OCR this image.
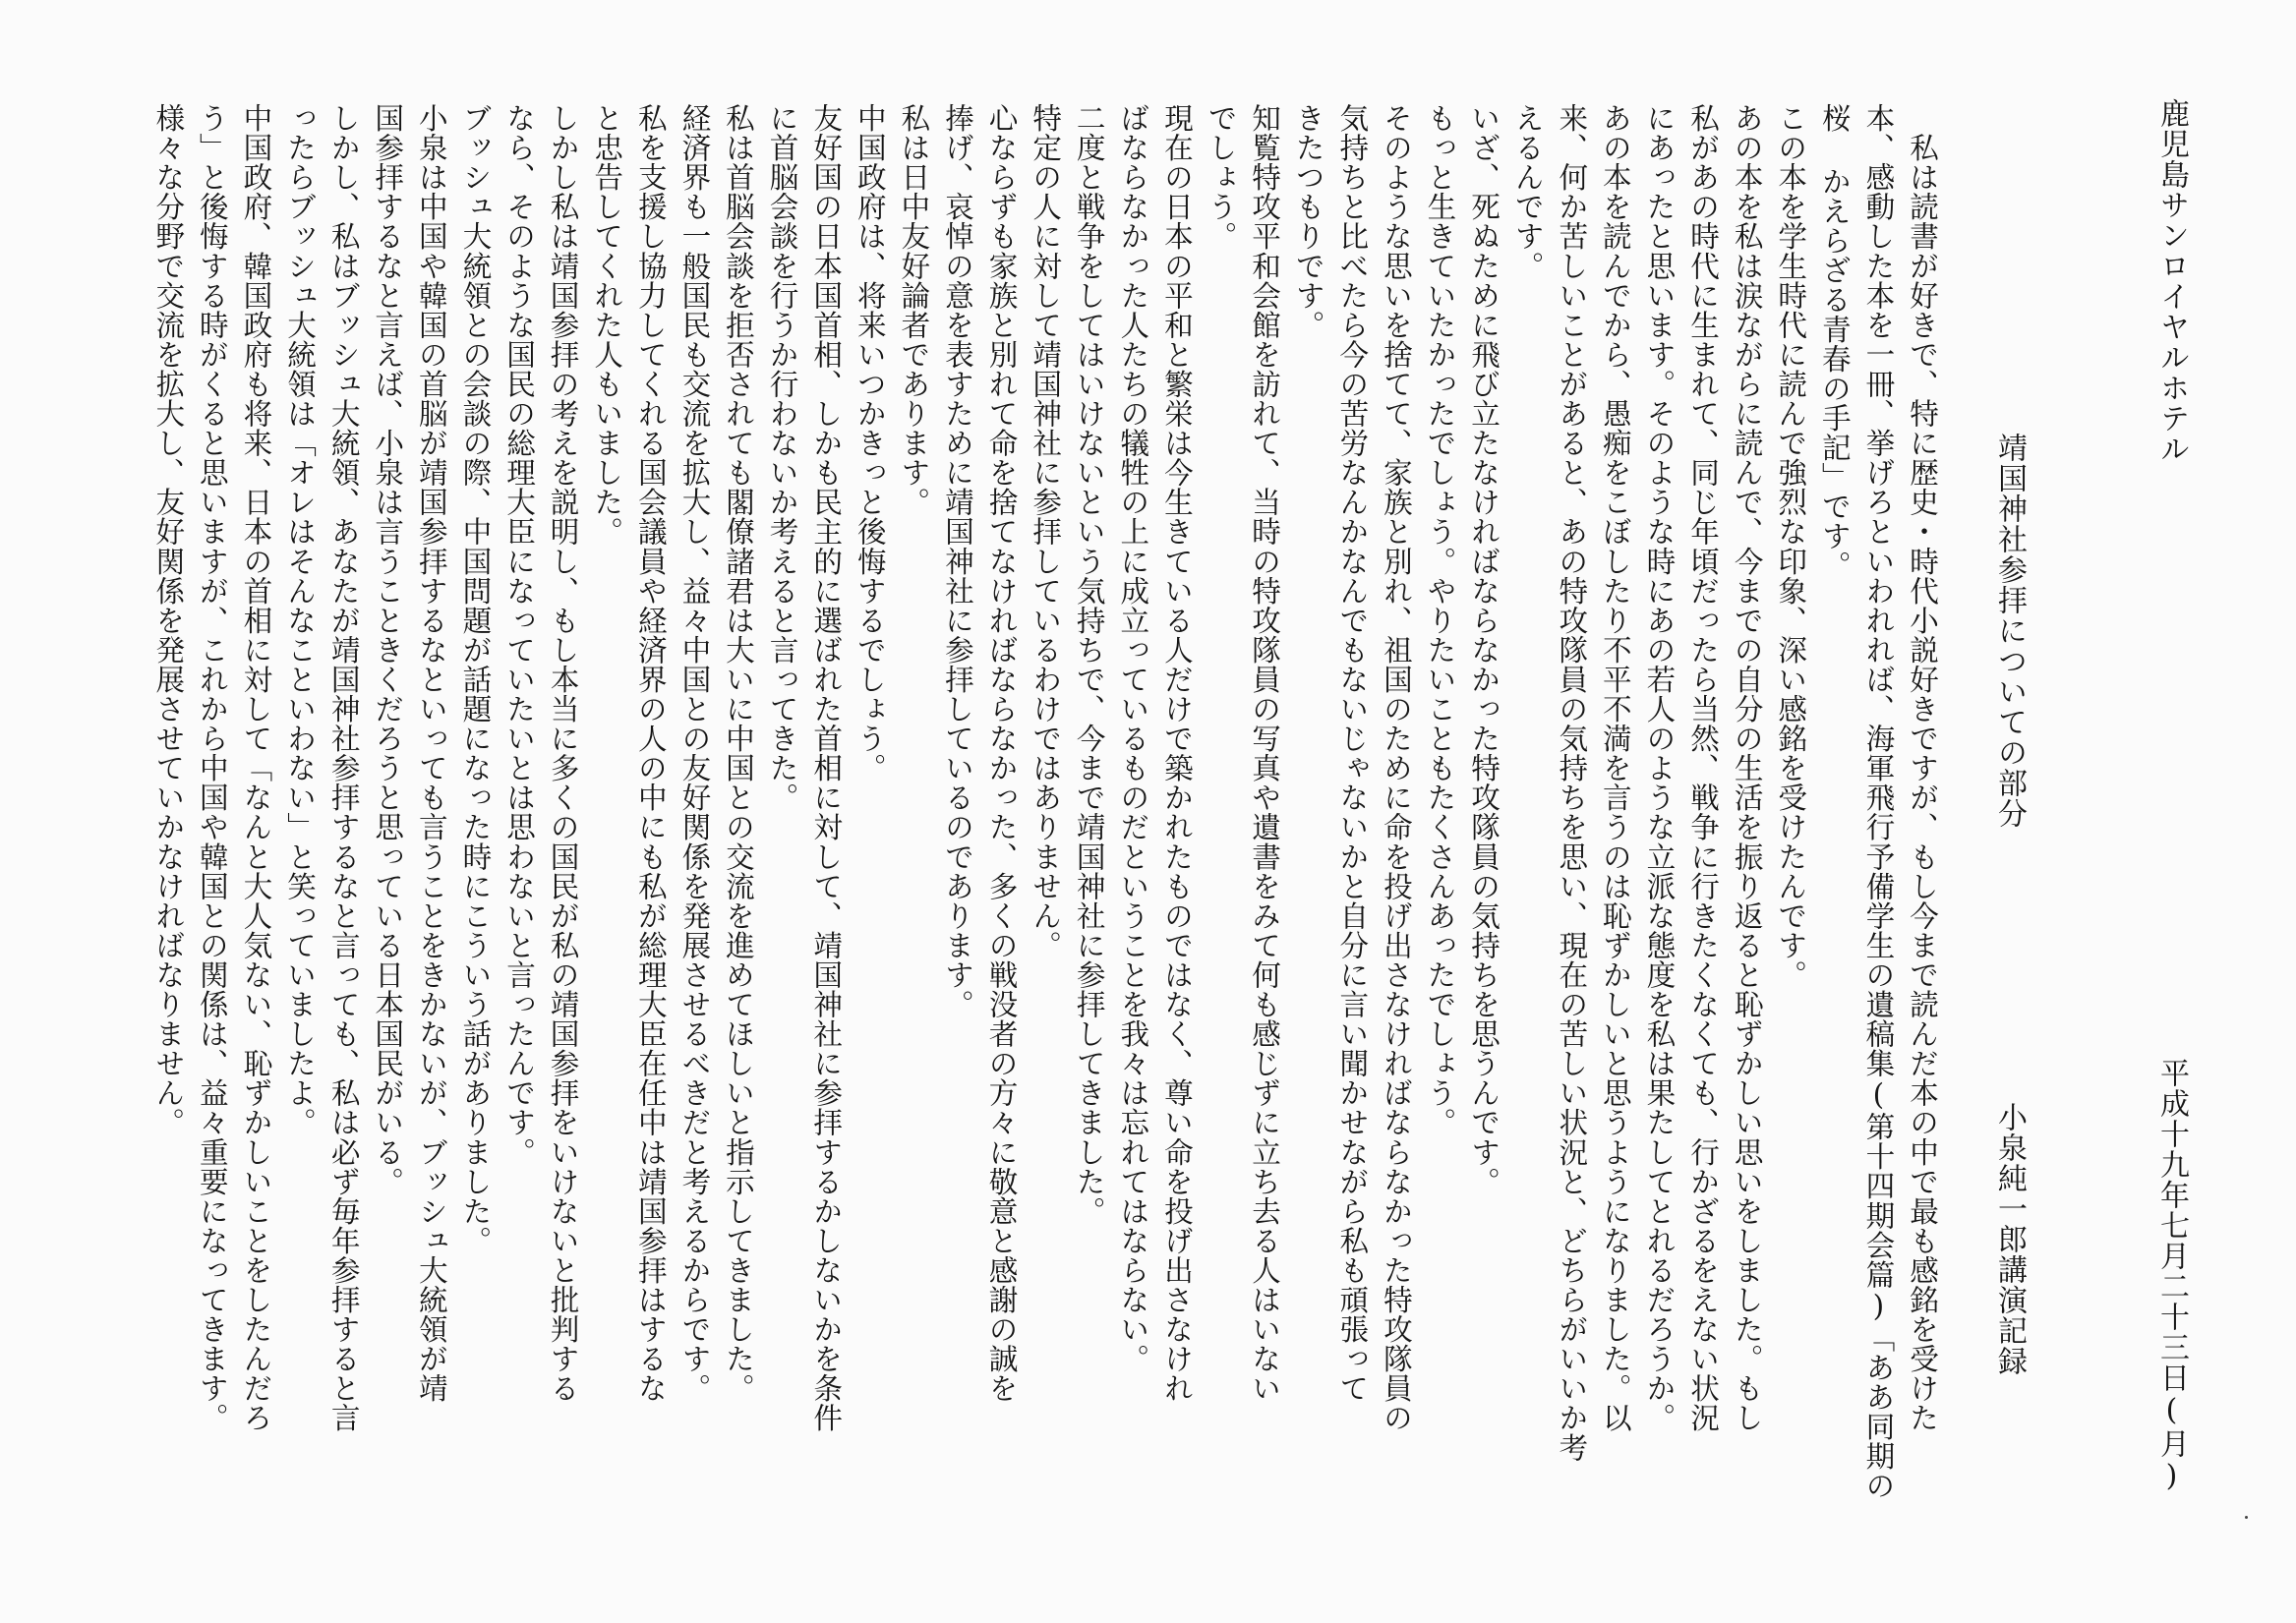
鹿児島サンロイヤルホテル
平成十九年七月二十三日(月)
靖国神社参拝についての部分
小泉純一郎講演記録
　私は読書が好きで、特に歴史・時代小説好きですが、もし今まで読んだ本の中で最も感銘を受けた
本、感動した本を一冊、挙げろといわれれば、海軍飛行予備学生の遺稿集(第十四期会篇)「ああ同期の
桜 かえらざる青春の手記」です。
この本を学生時代に読んで強烈な印象、深い感銘を受けたんです。
あの本を私は涙ながらに読んで、今までの自分の生活を振り返ると恥ずかしい思いをしました。もし
私があの時代に生まれて、同じ年頃だったら当然、戦争に行きたくなくても、行かざるをえない状況
にあったと思います。そのような時にあの若人のような立派な態度を私は果たしてとれるだろうか。
あの本を読んでから、愚痴をこぼしたり不平不満を言うのは恥ずかしいと思うようになりました。以
来、何か苦しいことがあると、あの特攻隊員の気持ちを思い、現在の苦しい状況と、どちらがいいか考
えるんです。
いざ、死ぬために飛び立たなければならなかった特攻隊員の気持ちを思うんです。
もっと生きていたかったでしょう。やりたいこともたくさんあったでしょう。
そのような思いを捨てて、家族と別れ、祖国のために命を投げ出さなければならなかった特攻隊員の
気持ちと比べたら今の苦労なんかなんでもないじゃないかと自分に言い聞かせながら私も頑張って
きたつもりです。
知覧特攻平和会館を訪れて、当時の特攻隊員の写真や遺書をみて何も感じずに立ち去る人はいない
でしょう。
現在の日本の平和と繁栄は今生きている人だけで築かれたものではなく、尊い命を投げ出さなけれ
ばならなかった人たちの犠牲の上に成立っているものだということを我々は忘れてはならない。
二度と戦争をしてはいけないという気持ちで、今まで靖国神社に参拝してきました。
特定の人に対して靖国神社に参拝しているわけではありません。
心ならずも家族と別れて命を捨てなければならなかった、多くの戦没者の方々に敬意と感謝の誠を
捧げ、哀悼の意を表すために靖国神社に参拝しているのであります。
私は日中友好論者であります。
中国政府は、将来いつかきっと後悔するでしょう。
友好国の日本国首相、しかも民主的に選ばれた首相に対して、靖国神社に参拝するかしないかを条件
に首脳会談を行うか行わないか考えると言ってきた。
私は首脳会談を拒否されても閣僚諸君は大いに中国との交流を進めてほしいと指示してきました。
経済界も一般国民も交流を拡大し、益々中国との友好関係を発展させるべきだと考えるからです。
私を支援し協力してくれる国会議員や経済界の人の中にも私が総理大臣在任中は靖国参拝はするな
と忠告してくれた人もいました。
しかし私は靖国参拝の考えを説明し、もし本当に多くの国民が私の靖国参拝をいけないと批判する
なら、そのような国民の総理大臣になっていたいとは思わないと言ったんです。
ブッシュ大統領との会談の際、中国問題が話題になった時にこういう話がありました。
小泉は中国や韓国の首脳が靖国参拝するなといっても言うことをきかないが、ブッシュ大統領が靖
国参拝するなと言えば、小泉は言うこときくだろうと思っている日本国民がいる。
しかし、私はブッシュ大統領、あなたが靖国神社参拝するなと言っても、私は必ず毎年参拝すると言
ったらブッシュ大統領は「オレはそんなこといわない」と笑っていましたよ。
中国政府、韓国政府も将来、日本の首相に対して「なんと大人気ない、恥ずかしいことをしたんだろ
う」と後悔する時がくると思いますが、これから中国や韓国との関係は、益々重要になってきます。
様々な分野で交流を拡大し、友好関係を発展させていかなければなりません。
